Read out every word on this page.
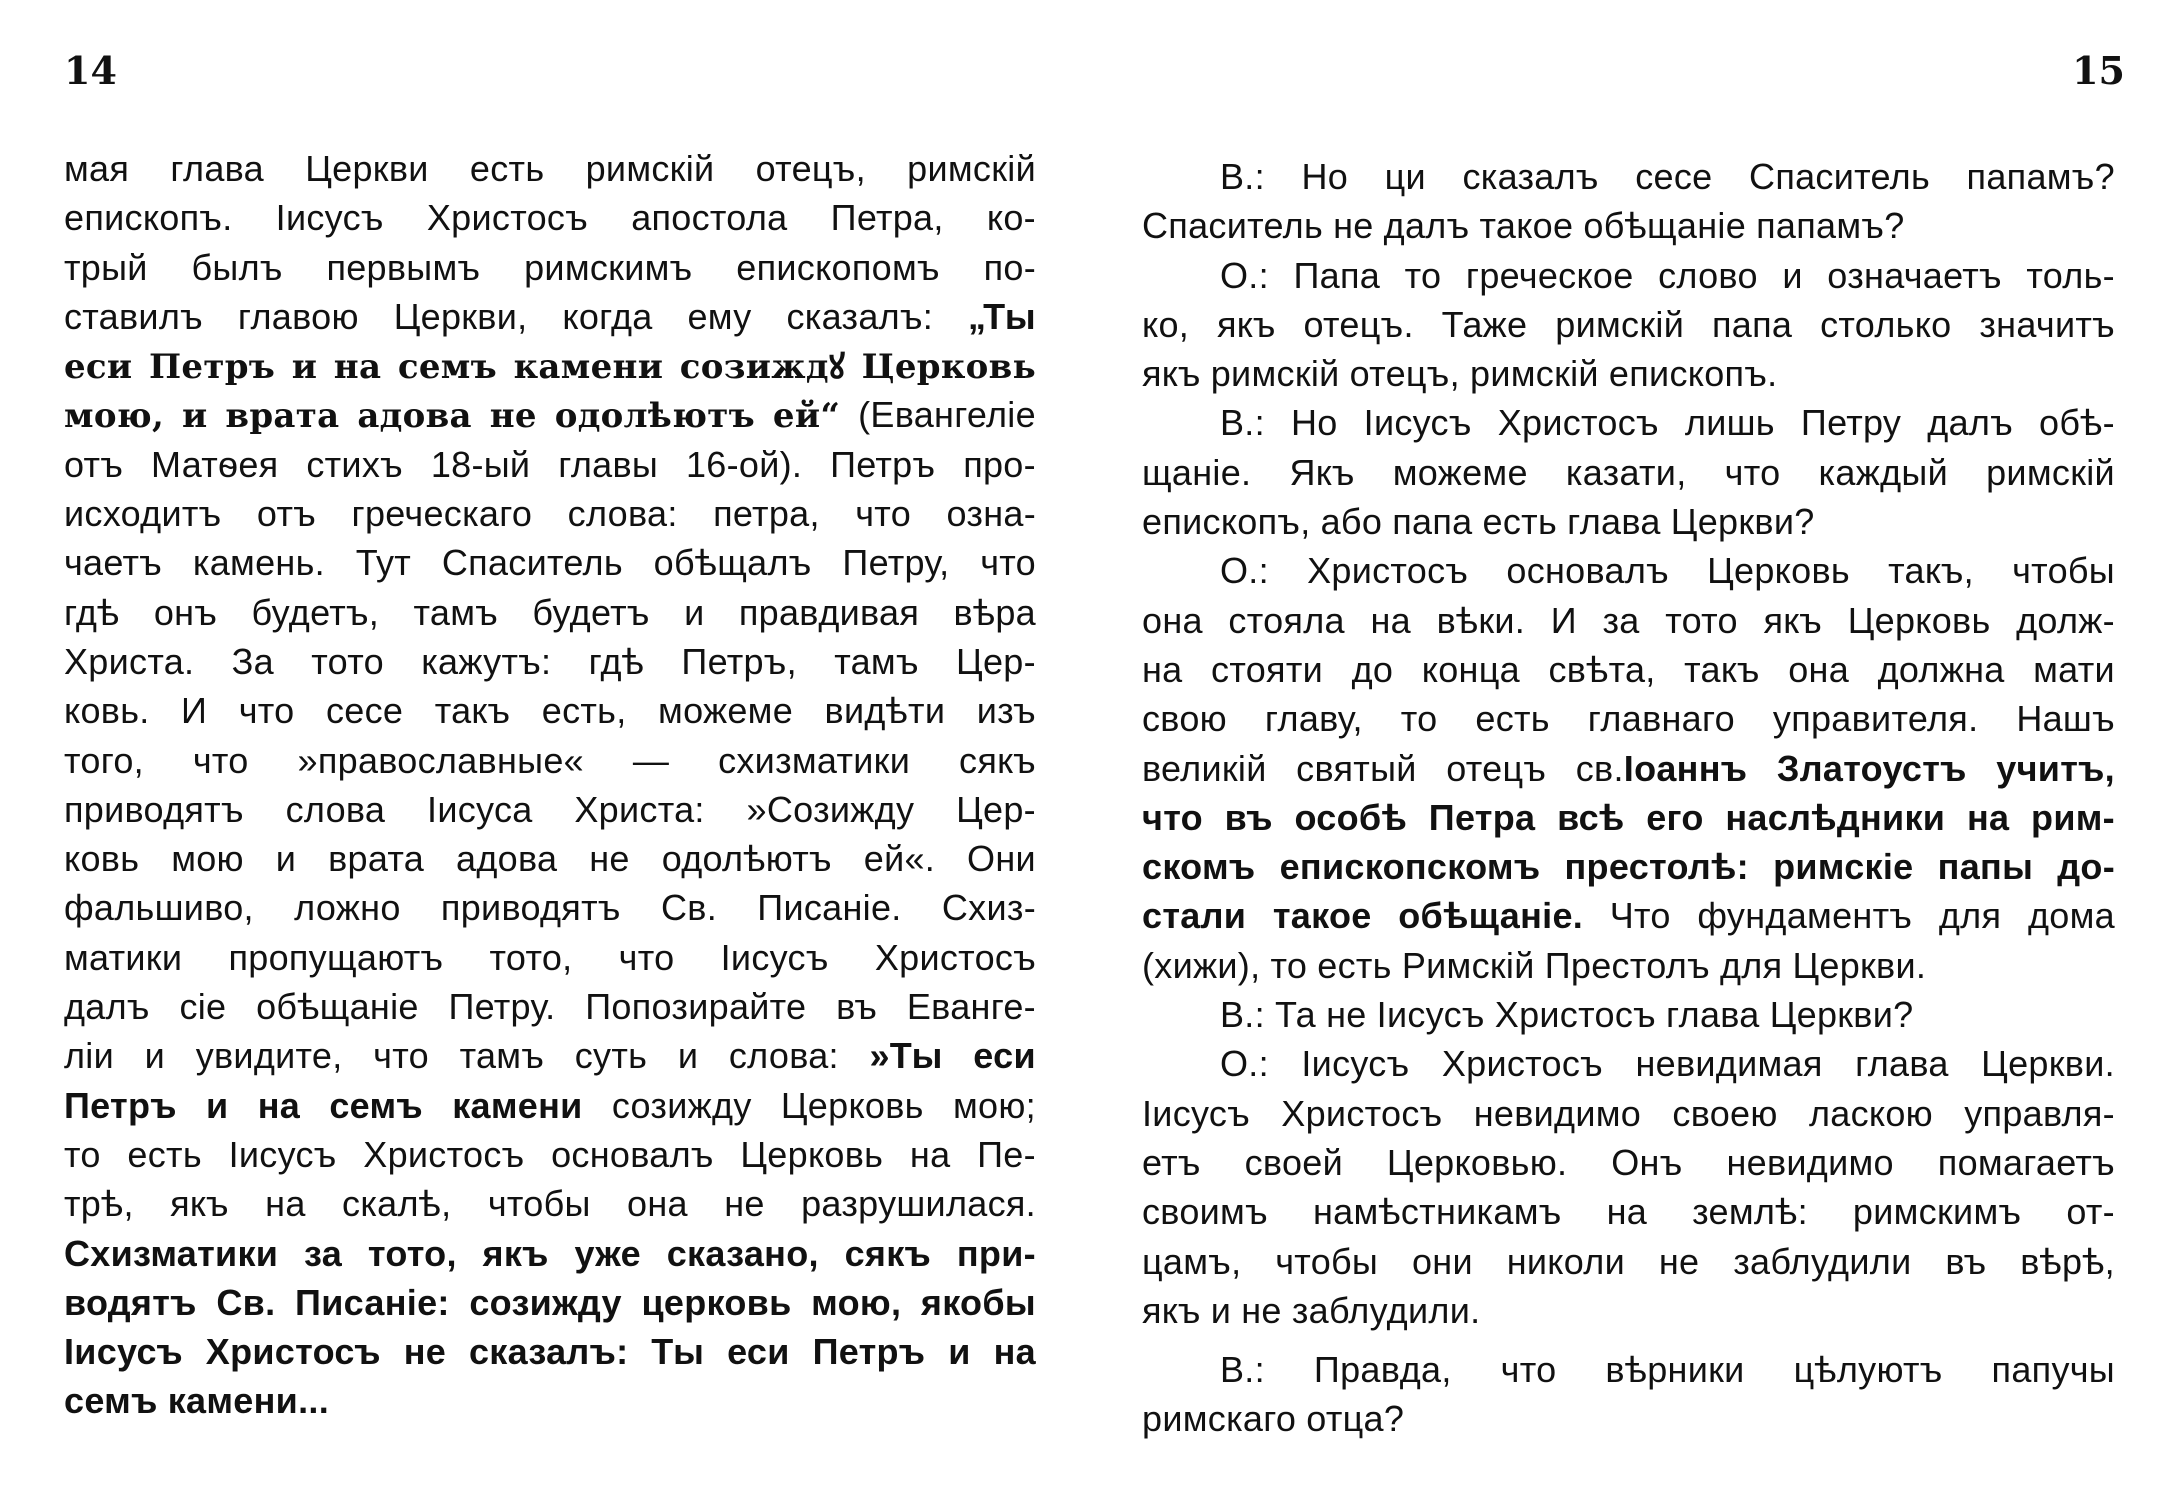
14
мая глава Церкви есть римскій отецъ, римскій
епископъ. Іисусъ Христосъ апостола Петра, ко-
трый былъ первымъ римскимъ епископомъ по-
ставилъ главою Церкви, когда ему сказалъ: „Ты
еси Петръ и на семъ камени созиждꙋ Церковь
мою, и врата адова не одолѣютъ ей“ (Евангеліе
отъ Матѳея стихъ 18-ый главы 16-ой). Петръ про-
исходитъ отъ греческаго слова: петра, что озна-
чаетъ камень. Тут Спаситель обѣщалъ Петру, что
гдѣ онъ будетъ, тамъ будетъ и правдивая вѣра
Христа. За тото кажутъ: гдѣ Петръ, тамъ Цер-
ковь. И что сесе такъ есть, можеме видѣти изъ
того, что »православные« — схизматики сякъ
приводятъ слова Іисуса Христа: »Созижду Цер-
ковь мою и врата адова не одолѣютъ ей«. Они
фальшиво, ложно приводятъ Св. Писаніе. Схиз-
матики пропущаютъ тото, что Іисусъ Христосъ
далъ сіе обѣщаніе Петру. Попозирайте въ Еванге-
ліи и увидите, что тамъ суть и слова: »Ты еси
Петръ и на семъ камени созижду Церковь мою;
то есть Іисусъ Христосъ основалъ Церковь на Пе-
трѣ, якъ на скалѣ, чтобы она не разрушилася.
Схизматики за тото, якъ уже сказано, сякъ при-
водятъ Св. Писаніе: созижду церковь мою, якобы
Іисусъ Христосъ не сказалъ: Ты еси Петръ и на
семъ камени...
15
В.: Но ци сказалъ сесе Спаситель папамъ?
Спаситель не далъ такое обѣщаніе папамъ?
О.: Папа то греческое слово и означаетъ толь-
ко, якъ отецъ. Таже римскій папа столько значитъ
якъ римскій отецъ, римскій епископъ.
В.: Но Іисусъ Христосъ лишь Петру далъ обѣ-
щаніе. Якъ можеме казати, что каждый римскій
епископъ, або папа есть глава Церкви?
О.: Христосъ основалъ Церковь такъ, чтобы
она стояла на вѣки. И за тото якъ Церковь долж-
на стояти до конца свѣта, такъ она должна мати
свою главу, то есть главнаго управителя. Нашъ
великій святый отецъ св.Іоаннъ Златоустъ учитъ,
что въ особѣ Петра всѣ его наслѣдники на рим-
скомъ епископскомъ престолѣ: римскіе папы до-
стали такое обѣщаніе. Что фундаментъ для дома
(хижи), то есть Римскій Престолъ для Церкви.
В.: Та не Іисусъ Христосъ глава Церкви?
О.: Іисусъ Христосъ невидимая глава Церкви.
Іисусъ Христосъ невидимо своею ласкою управля-
етъ своей Церковью. Онъ невидимо помагаетъ
своимъ намѣстникамъ на землѣ: римскимъ от-
цамъ, чтобы они николи не заблудили въ вѣрѣ,
якъ и не заблудили.
В.: Правда, что вѣрники цѣлуютъ папучы
римскаго отца?
